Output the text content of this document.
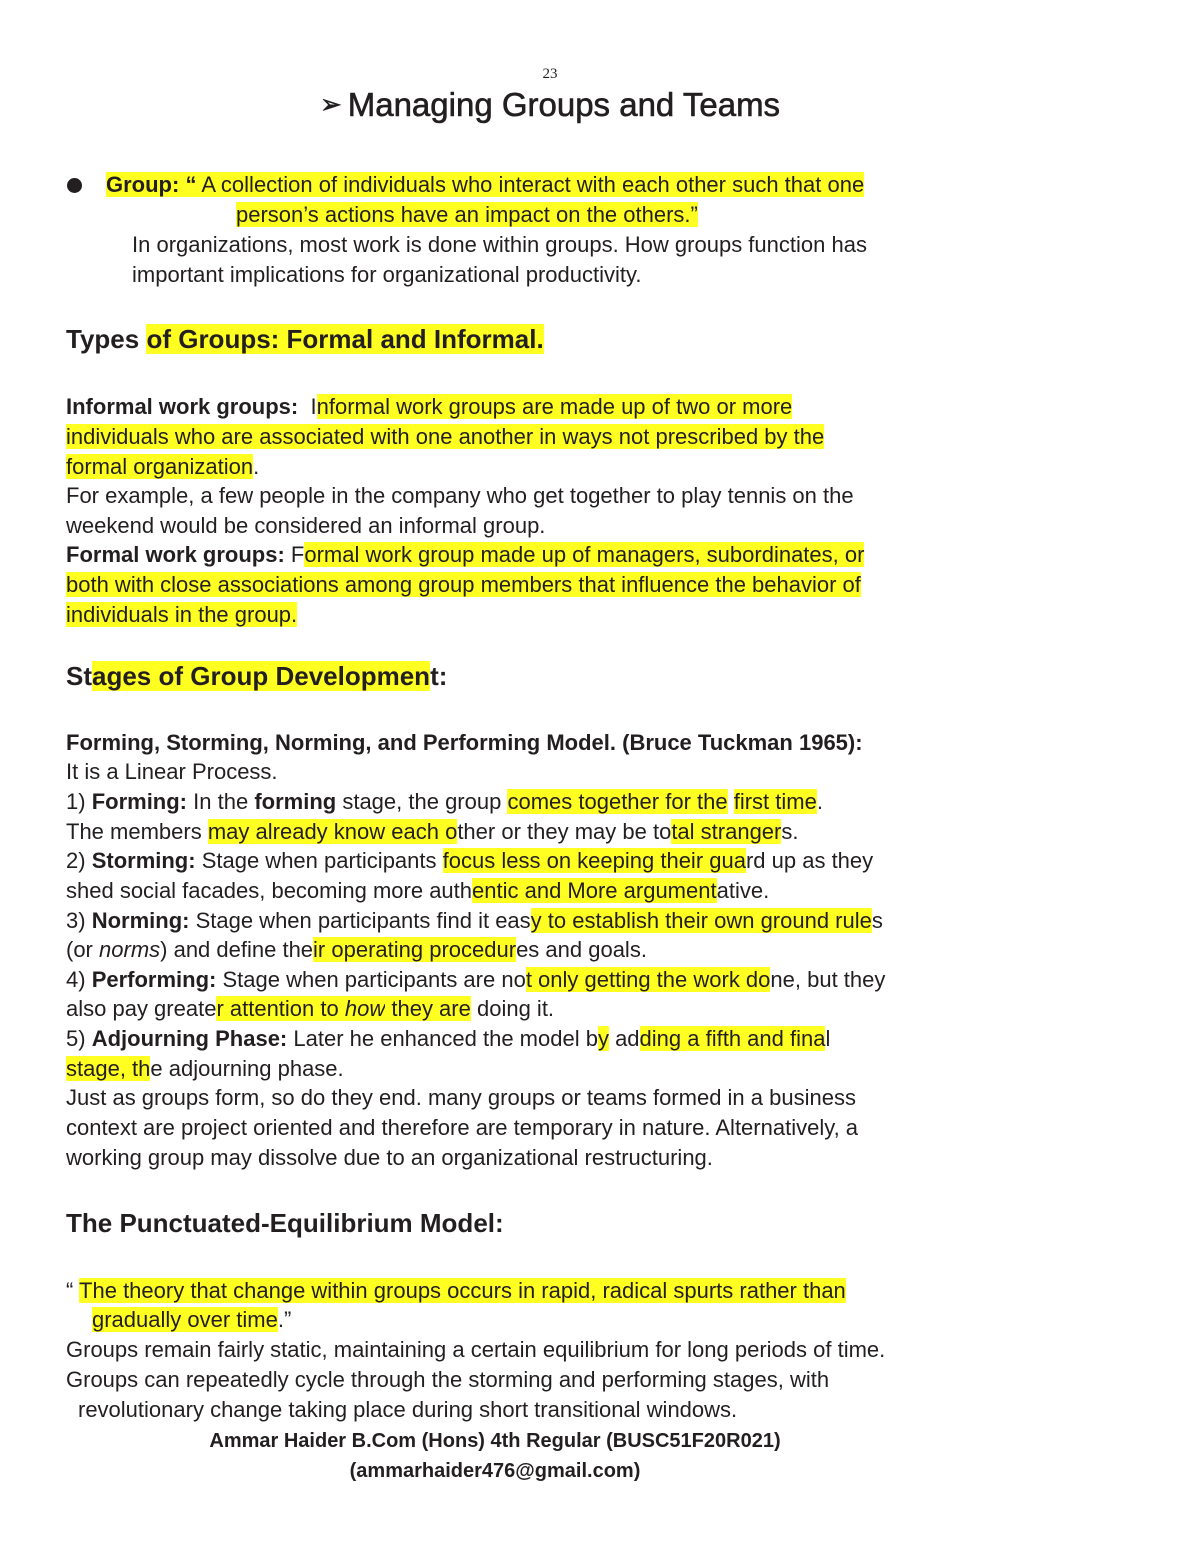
23
➢ Managing Groups and Teams
Group: “ A collection of individuals who interact with each other such that one
person’s actions have an impact on the others.”
In organizations, most work is done within groups. How groups function has
important implications for organizational productivity.
Types of Groups: Formal and Informal.
Informal work groups: Informal work groups are made up of two or more
individuals who are associated with one another in ways not prescribed by the
formal organization.
For example, a few people in the company who get together to play tennis on the
weekend would be considered an informal group.
Formal work groups: Formal work group made up of managers, subordinates, or
both with close associations among group members that influence the behavior of
individuals in the group.
Stages of Group Development:
Forming, Storming, Norming, and Performing Model. (Bruce Tuckman 1965):
It is a Linear Process.
1) Forming: In the forming stage, the group comes together for the first time.
The members may already know each other or they may be total strangers.
2) Storming: Stage when participants focus less on keeping their guard up as they
shed social facades, becoming more authentic and More argumentative.
3) Norming: Stage when participants find it easy to establish their own ground rules
(or norms) and define their operating procedures and goals.
4) Performing: Stage when participants are not only getting the work done, but they
also pay greater attention to how they are doing it.
5) Adjourning Phase: Later he enhanced the model by adding a fifth and final
stage, the adjourning phase.
Just as groups form, so do they end. many groups or teams formed in a business
context are project oriented and therefore are temporary in nature. Alternatively, a
working group may dissolve due to an organizational restructuring.
The Punctuated-Equilibrium Model:
“ The theory that change within groups occurs in rapid, radical spurts rather than
gradually over time.”
Groups remain fairly static, maintaining a certain equilibrium for long periods of time.
Groups can repeatedly cycle through the storming and performing stages, with
revolutionary change taking place during short transitional windows.
Ammar Haider B.Com (Hons) 4th Regular (BUSC51F20R021)
(ammarhaider476@gmail.com)
